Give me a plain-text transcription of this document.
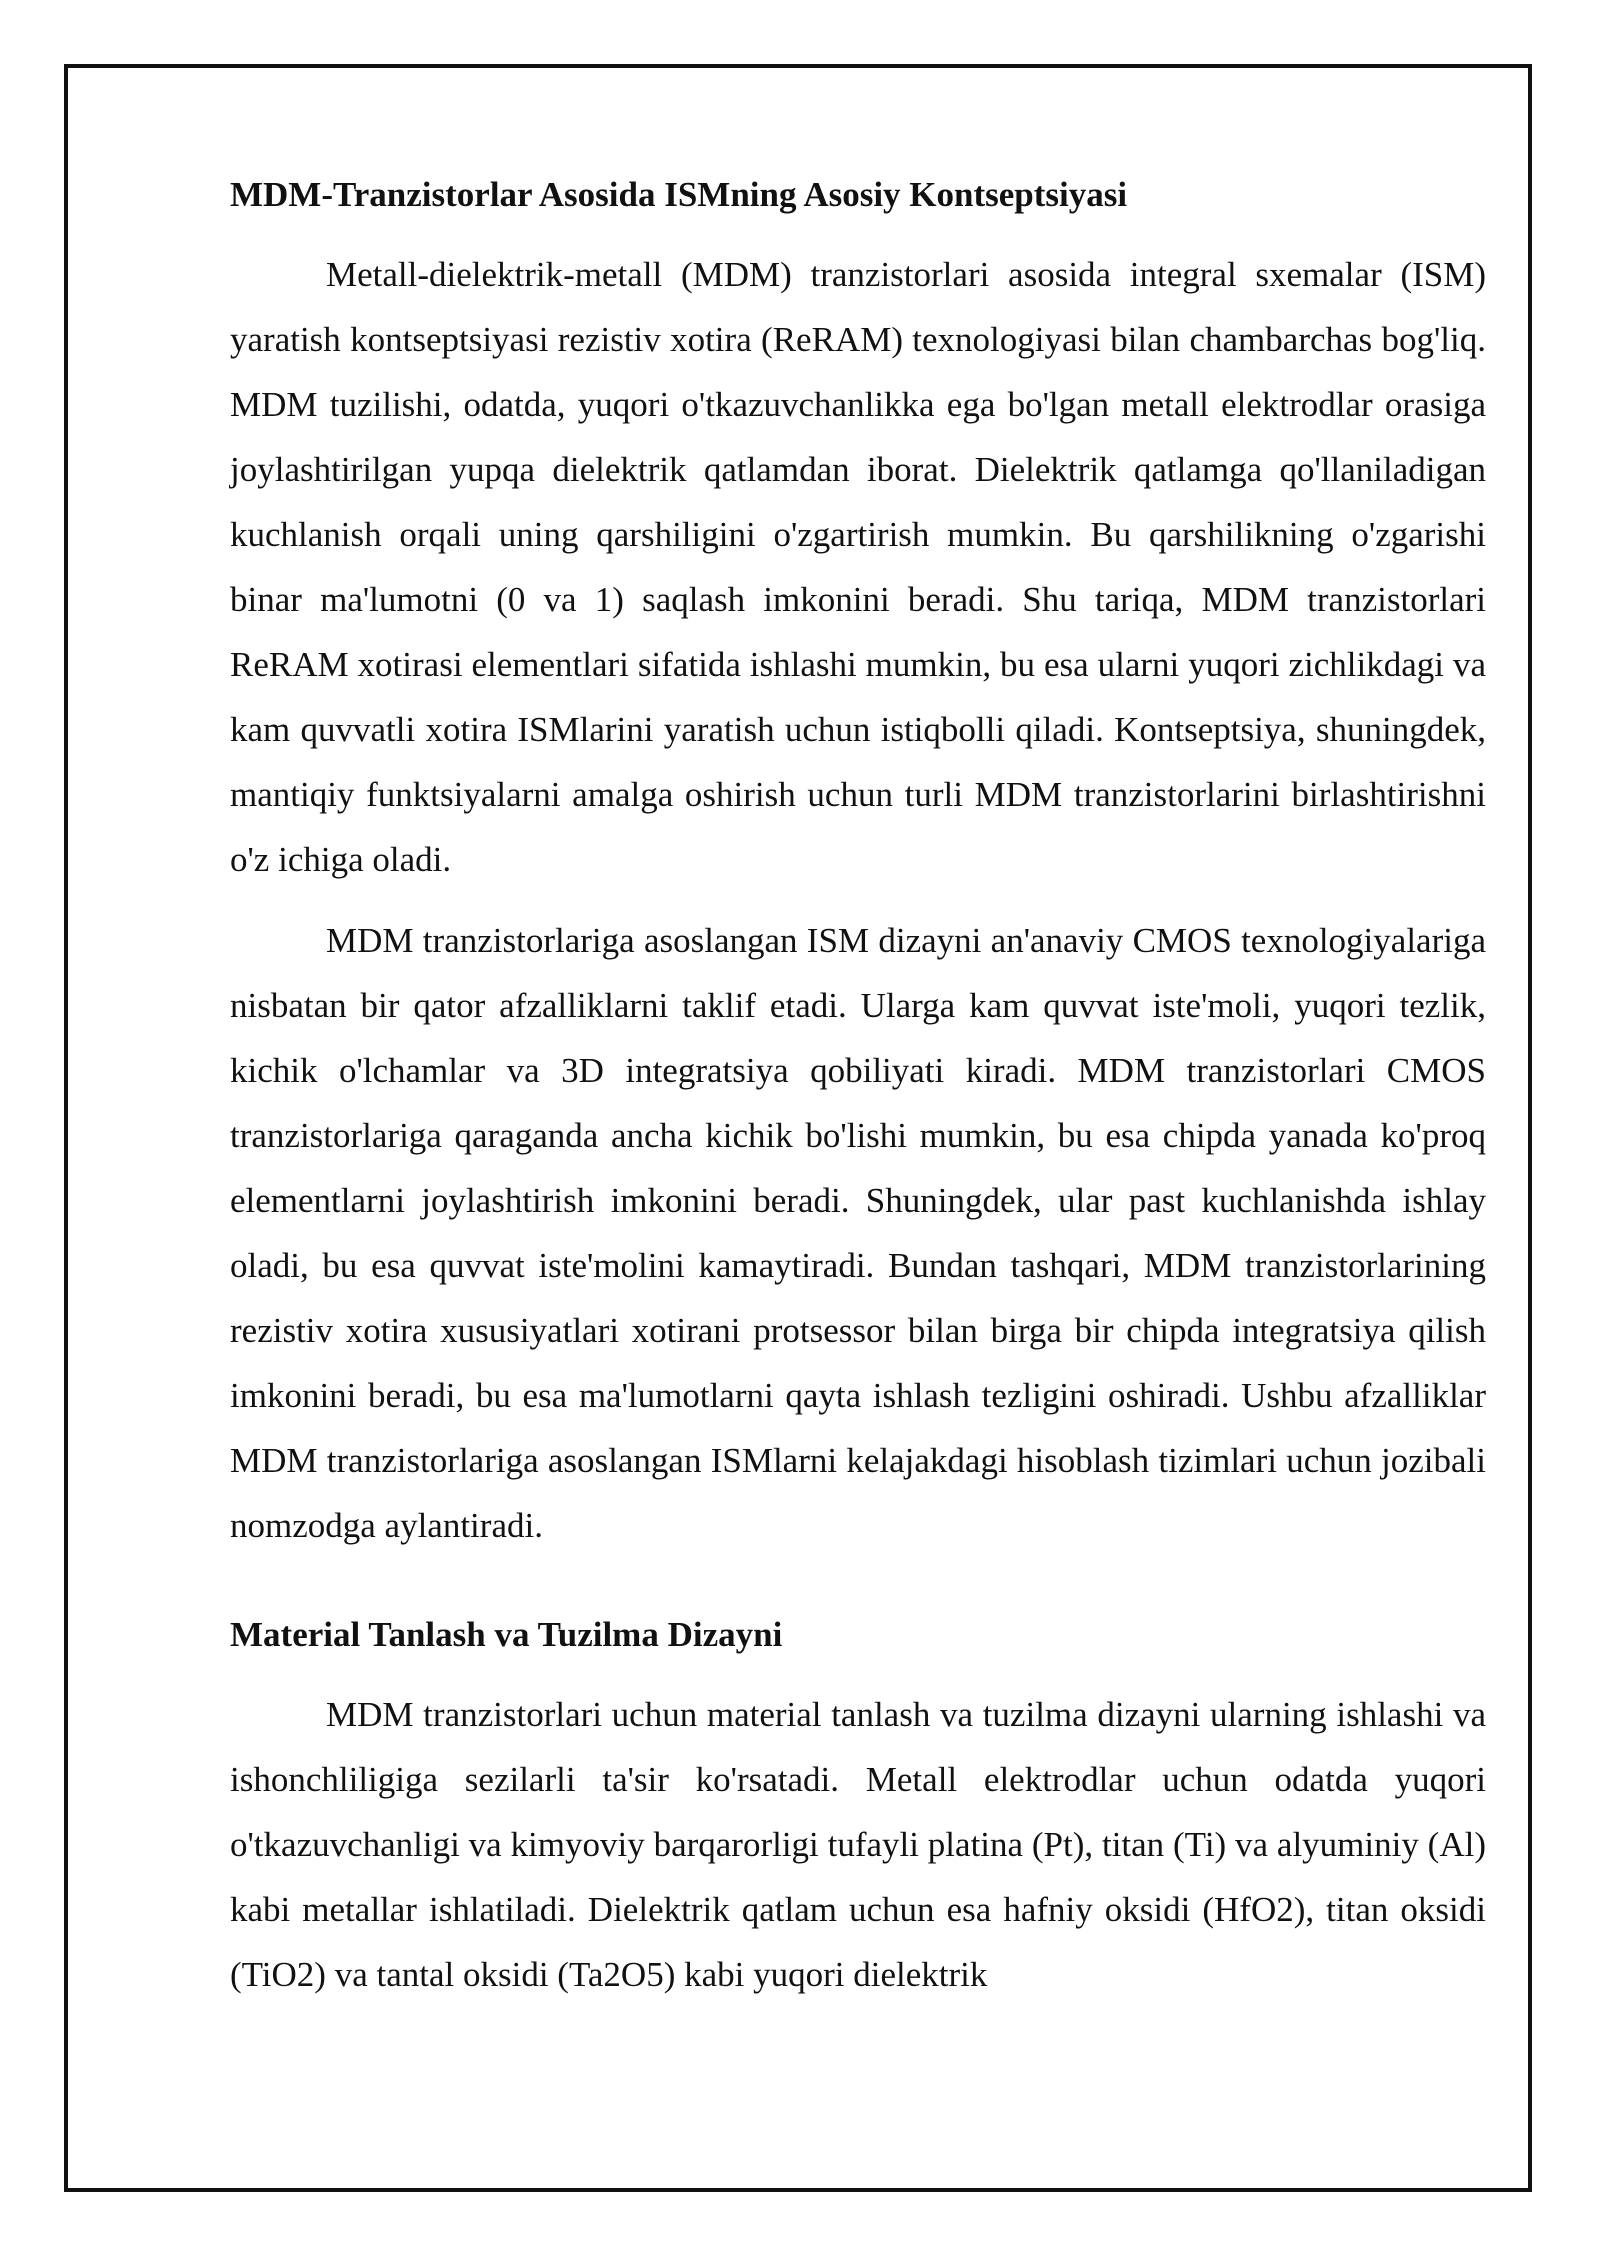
MDM-Tranzistorlar Asosida ISMning Asosiy Kontseptsiyasi

Metall-dielektrik-metall (MDM) tranzistorlari asosida integral sxemalar (ISM) yaratish kontseptsiyasi rezistiv xotira (ReRAM) texnologiyasi bilan chambarchas bog'liq. MDM tuzilishi, odatda, yuqori o'tkazuvchanlikka ega bo'lgan metall elektrodlar orasiga joylashtirilgan yupqa dielektrik qatlamdan iborat. Dielektrik qatlamga qo'llaniladigan kuchlanish orqali uning qarshiligini o'zgartirish mumkin. Bu qarshilikning o'zgarishi binar ma'lumotni (0 va 1) saqlash imkonini beradi. Shu tariqa, MDM tranzistorlari ReRAM xotirasi elementlari sifatida ishlashi mumkin, bu esa ularni yuqori zichlikdagi va kam quvvatli xotira ISMlarini yaratish uchun istiqbolli qiladi. Kontseptsiya, shuningdek, mantiqiy funktsiyalarni amalga oshirish uchun turli MDM tranzistorlarini birlashtirishni o'z ichiga oladi.

MDM tranzistorlariga asoslangan ISM dizayni an'anaviy CMOS texnologiyalariga nisbatan bir qator afzalliklarni taklif etadi. Ularga kam quvvat iste'moli, yuqori tezlik, kichik o'lchamlar va 3D integratsiya qobiliyati kiradi. MDM tranzistorlari CMOS tranzistorlariga qaraganda ancha kichik bo'lishi mumkin, bu esa chipda yanada ko'proq elementlarni joylashtirish imkonini beradi. Shuningdek, ular past kuchlanishda ishlay oladi, bu esa quvvat iste'molini kamaytiradi. Bundan tashqari, MDM tranzistorlarining rezistiv xotira xususiyatlari xotirani protsessor bilan birga bir chipda integratsiya qilish imkonini beradi, bu esa ma'lumotlarni qayta ishlash tezligini oshiradi. Ushbu afzalliklar MDM tranzistorlariga asoslangan ISMlarni kelajakdagi hisoblash tizimlari uchun jozibali nomzodga aylantiradi.

Material Tanlash va Tuzilma Dizayni

MDM tranzistorlari uchun material tanlash va tuzilma dizayni ularning ishlashi va ishonchliligiga sezilarli ta'sir ko'rsatadi. Metall elektrodlar uchun odatda yuqori o'tkazuvchanligi va kimyoviy barqarorligi tufayli platina (Pt), titan (Ti) va alyuminiy (Al) kabi metallar ishlatiladi. Dielektrik qatlam uchun esa hafniy oksidi (HfO2), titan oksidi (TiO2) va tantal oksidi (Ta2O5) kabi yuqori dielektrik
